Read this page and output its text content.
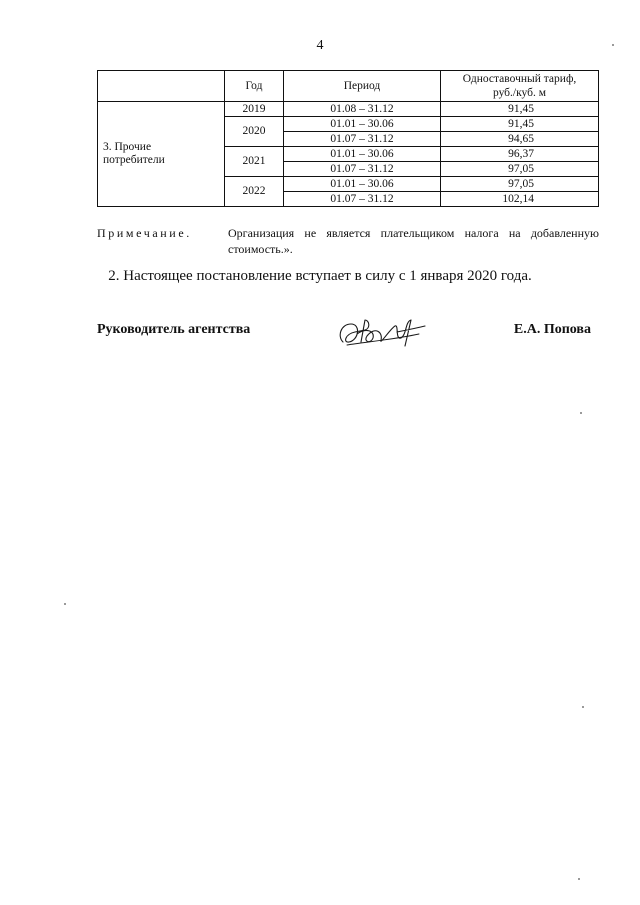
4
	Год	Период	Одноставочный тариф,
руб./куб. м
3. Прочие
потребители	2019	01.08 – 31.12	91,45
	2020	01.01 – 30.06	91,45
		01.07 – 31.12	94,65
	2021	01.01 – 30.06	96,37
		01.07 – 31.12	97,05
	2022	01.01 – 30.06	97,05
		01.07 – 31.12	102,14
Примечание.	Организация не является плательщиком налога на добавленную стоимость.».
2. Настоящее постановление вступает в силу с 1 января 2020 года.
Руководитель агентства	Е.А. Попова
